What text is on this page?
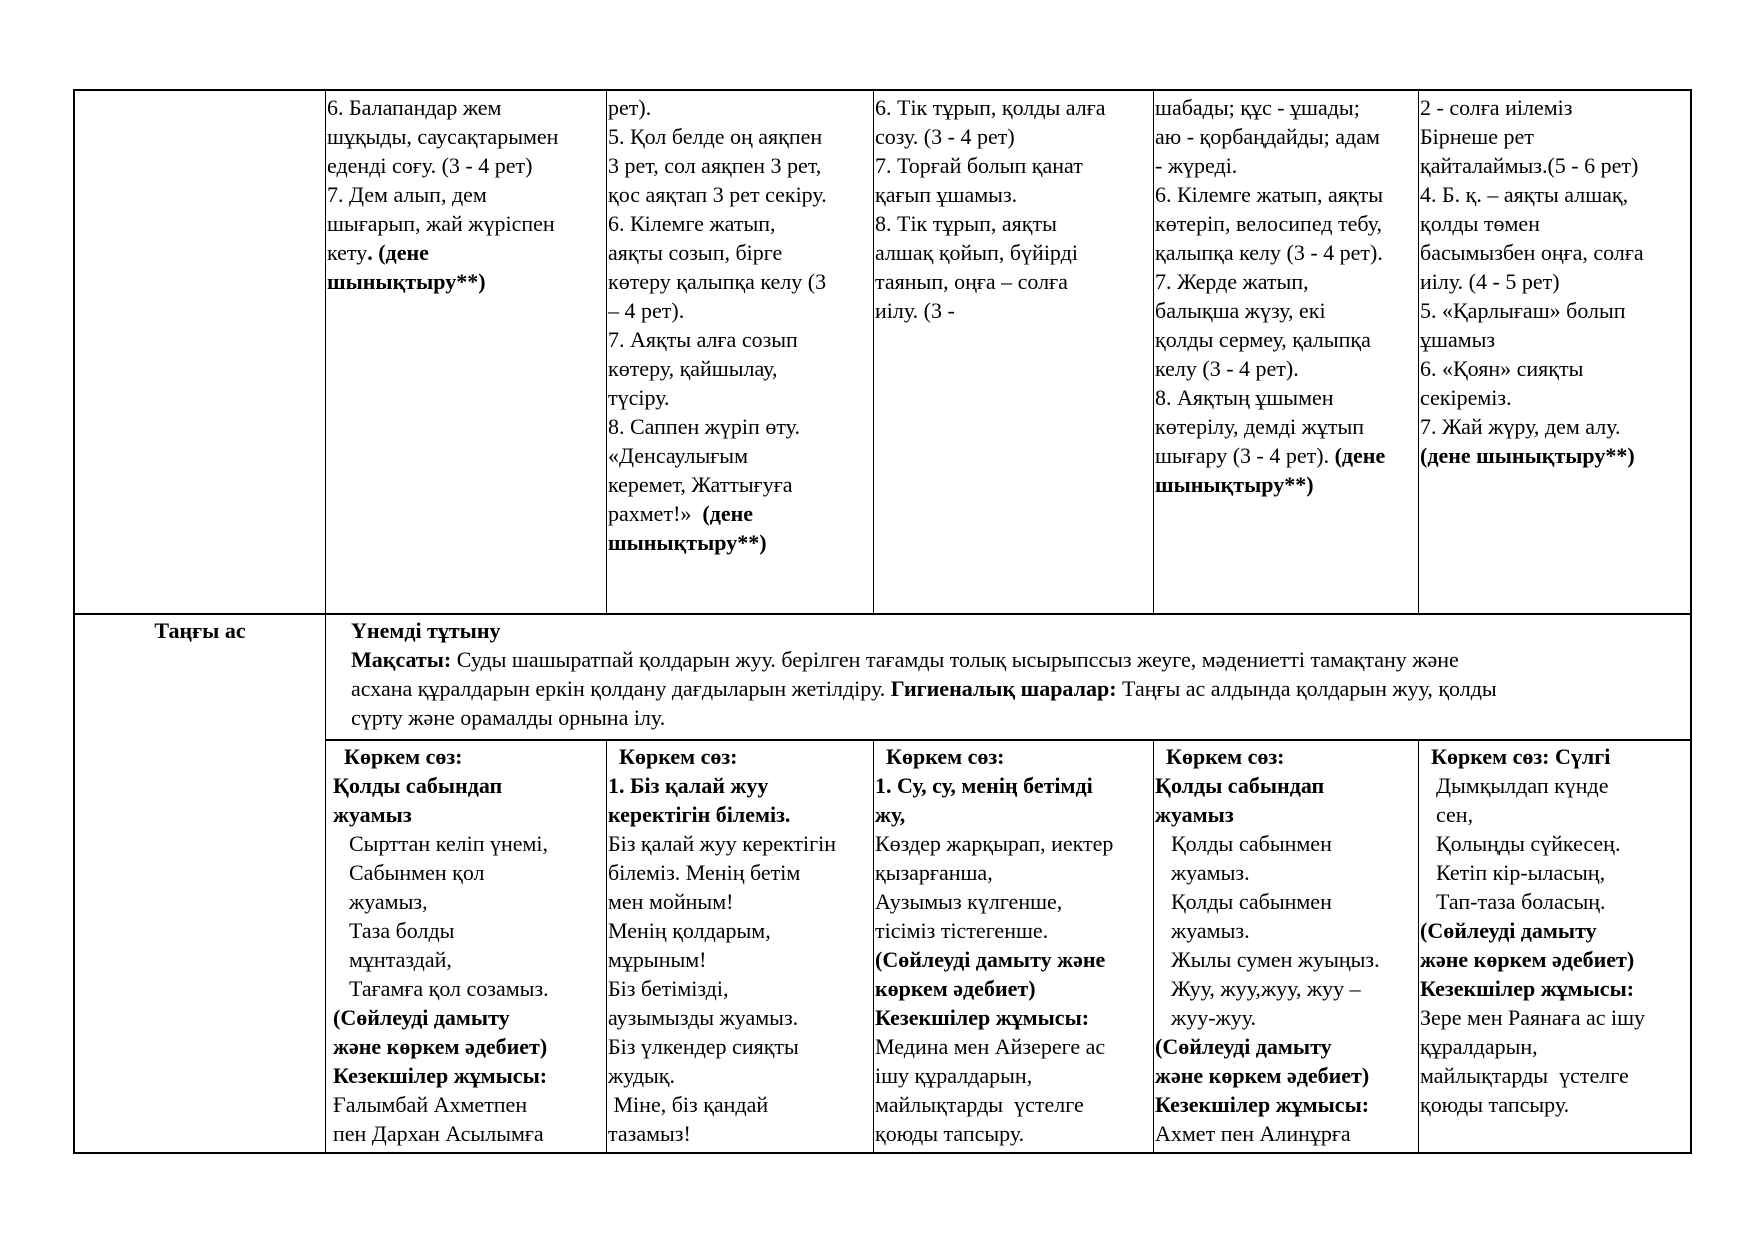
6. Балапандар жем
шұқыды, саусақтарымен
еденді соғу. (3 - 4 рет)
7. Дем алып, дем
шығарып, жай жүріспен
кету. (дене
шынықтыру**)
рет).
5. Қол белде оң аяқпен
3 рет, сол аяқпен 3 рет,
қос аяқтап 3 рет секіру.
6. Кілемге жатып,
аяқты созып, бірге
көтеру қалыпқа келу (3
– 4 рет).
7. Аяқты алға созып
көтеру, қайшылау,
түсіру.
8. Саппен жүріп өту.
«Денсаулығым
керемет, Жаттығуға
рахмет!»  (дене
шынықтыру**)
6. Тік тұрып, қолды алға
созу. (3 - 4 рет)
7. Торғай болып қанат
қағып ұшамыз.
8. Тік тұрып, аяқты
алшақ қойып, бүйірді
таянып, оңға – солға
иілу. (3 -
шабады; құс - ұшады;
аю - қорбаңдайды; адам
- жүреді.
6. Кілемге жатып, аяқты
көтеріп, велосипед тебу,
қалыпқа келу (3 - 4 рет).
7. Жерде жатып,
балықша жүзу, екі
қолды сермеу, қалыпқа
келу (3 - 4 рет).
8. Аяқтың ұшымен
көтерілу, демді жұтып
шығару (3 - 4 рет). (дене
шынықтыру**)
2 - солға иілеміз
Бірнеше рет
қайталаймыз.(5 - 6 рет)
4. Б. қ. – аяқты алшақ,
қолды төмен
басымызбен оңға, солға
иілу. (4 - 5 рет)
5. «Қарлығаш» болып
ұшамыз
6. «Қоян» сияқты
секіреміз.
7. Жай жүру, дем алу.
(дене шынықтыру**)
Таңғы ас	Үнемді тұтыну
Мақсаты: Суды шашыратпай қолдарын жуу. берілген тағамды толық ысырыпссыз жеуге, мәдениетті тамақтану және
асхана құралдарын еркін қолдану дағдыларын жетілдіру. Гигиеналық шаралар: Таңғы ас алдында қолдарын жуу, қолды
сүрту және орамалды орнына ілу.
Көркем сөз:
Қолды сабындап
жуамыз
Сырттан келіп үнемі,
Сабынмен қол
жуамыз,
Таза болды
мұнтаздай,
Тағамға қол созамыз.
(Сөйлеуді дамыту
және көркем әдебиет)
Кезекшілер жұмысы:
Ғалымбай Ахметпен
пен Дархан Асылымға
Көркем сөз:
1. Біз қалай жуу
керектігін білеміз.
Біз қалай жуу керектігін
білеміз. Менің бетім
мен мойным!
Менің қолдарым,
мұрыным!
Біз бетімізді,
аузымызды жуамыз.
Біз үлкендер сияқты
жудық.
Міне, біз қандай
тазамыз!
Көркем сөз:
1. Су, су, менің бетімді
жу,
Көздер жарқырап, иектер
қызарғанша,
Аузымыз күлгенше,
тісіміз тістегенше.
(Сөйлеуді дамыту және
көркем әдебиет)
Кезекшілер жұмысы:
Медина мен Айзереге ас
ішу құралдарын,
майлықтарды  үстелге
қоюды тапсыру.
Көркем сөз:
Қолды сабындап
жуамыз
Қолды сабынмен
жуамыз.
Қолды сабынмен
жуамыз.
Жылы сумен жуыңыз.
Жуу, жуу,жуу, жуу –
жуу-жуу.
(Сөйлеуді дамыту
және көркем әдебиет)
Кезекшілер жұмысы:
Ахмет пен Алинұрға
Көркем сөз: Сүлгі
Дымқылдап күнде
сен,
Қолыңды сүйкесең.
Кетіп кір-ыласың,
Тап-таза боласың.
(Сөйлеуді дамыту
және көркем әдебиет)
Кезекшілер жұмысы:
Зере мен Раянаға ас ішу
құралдарын,
майлықтарды  үстелге
қоюды тапсыру.
